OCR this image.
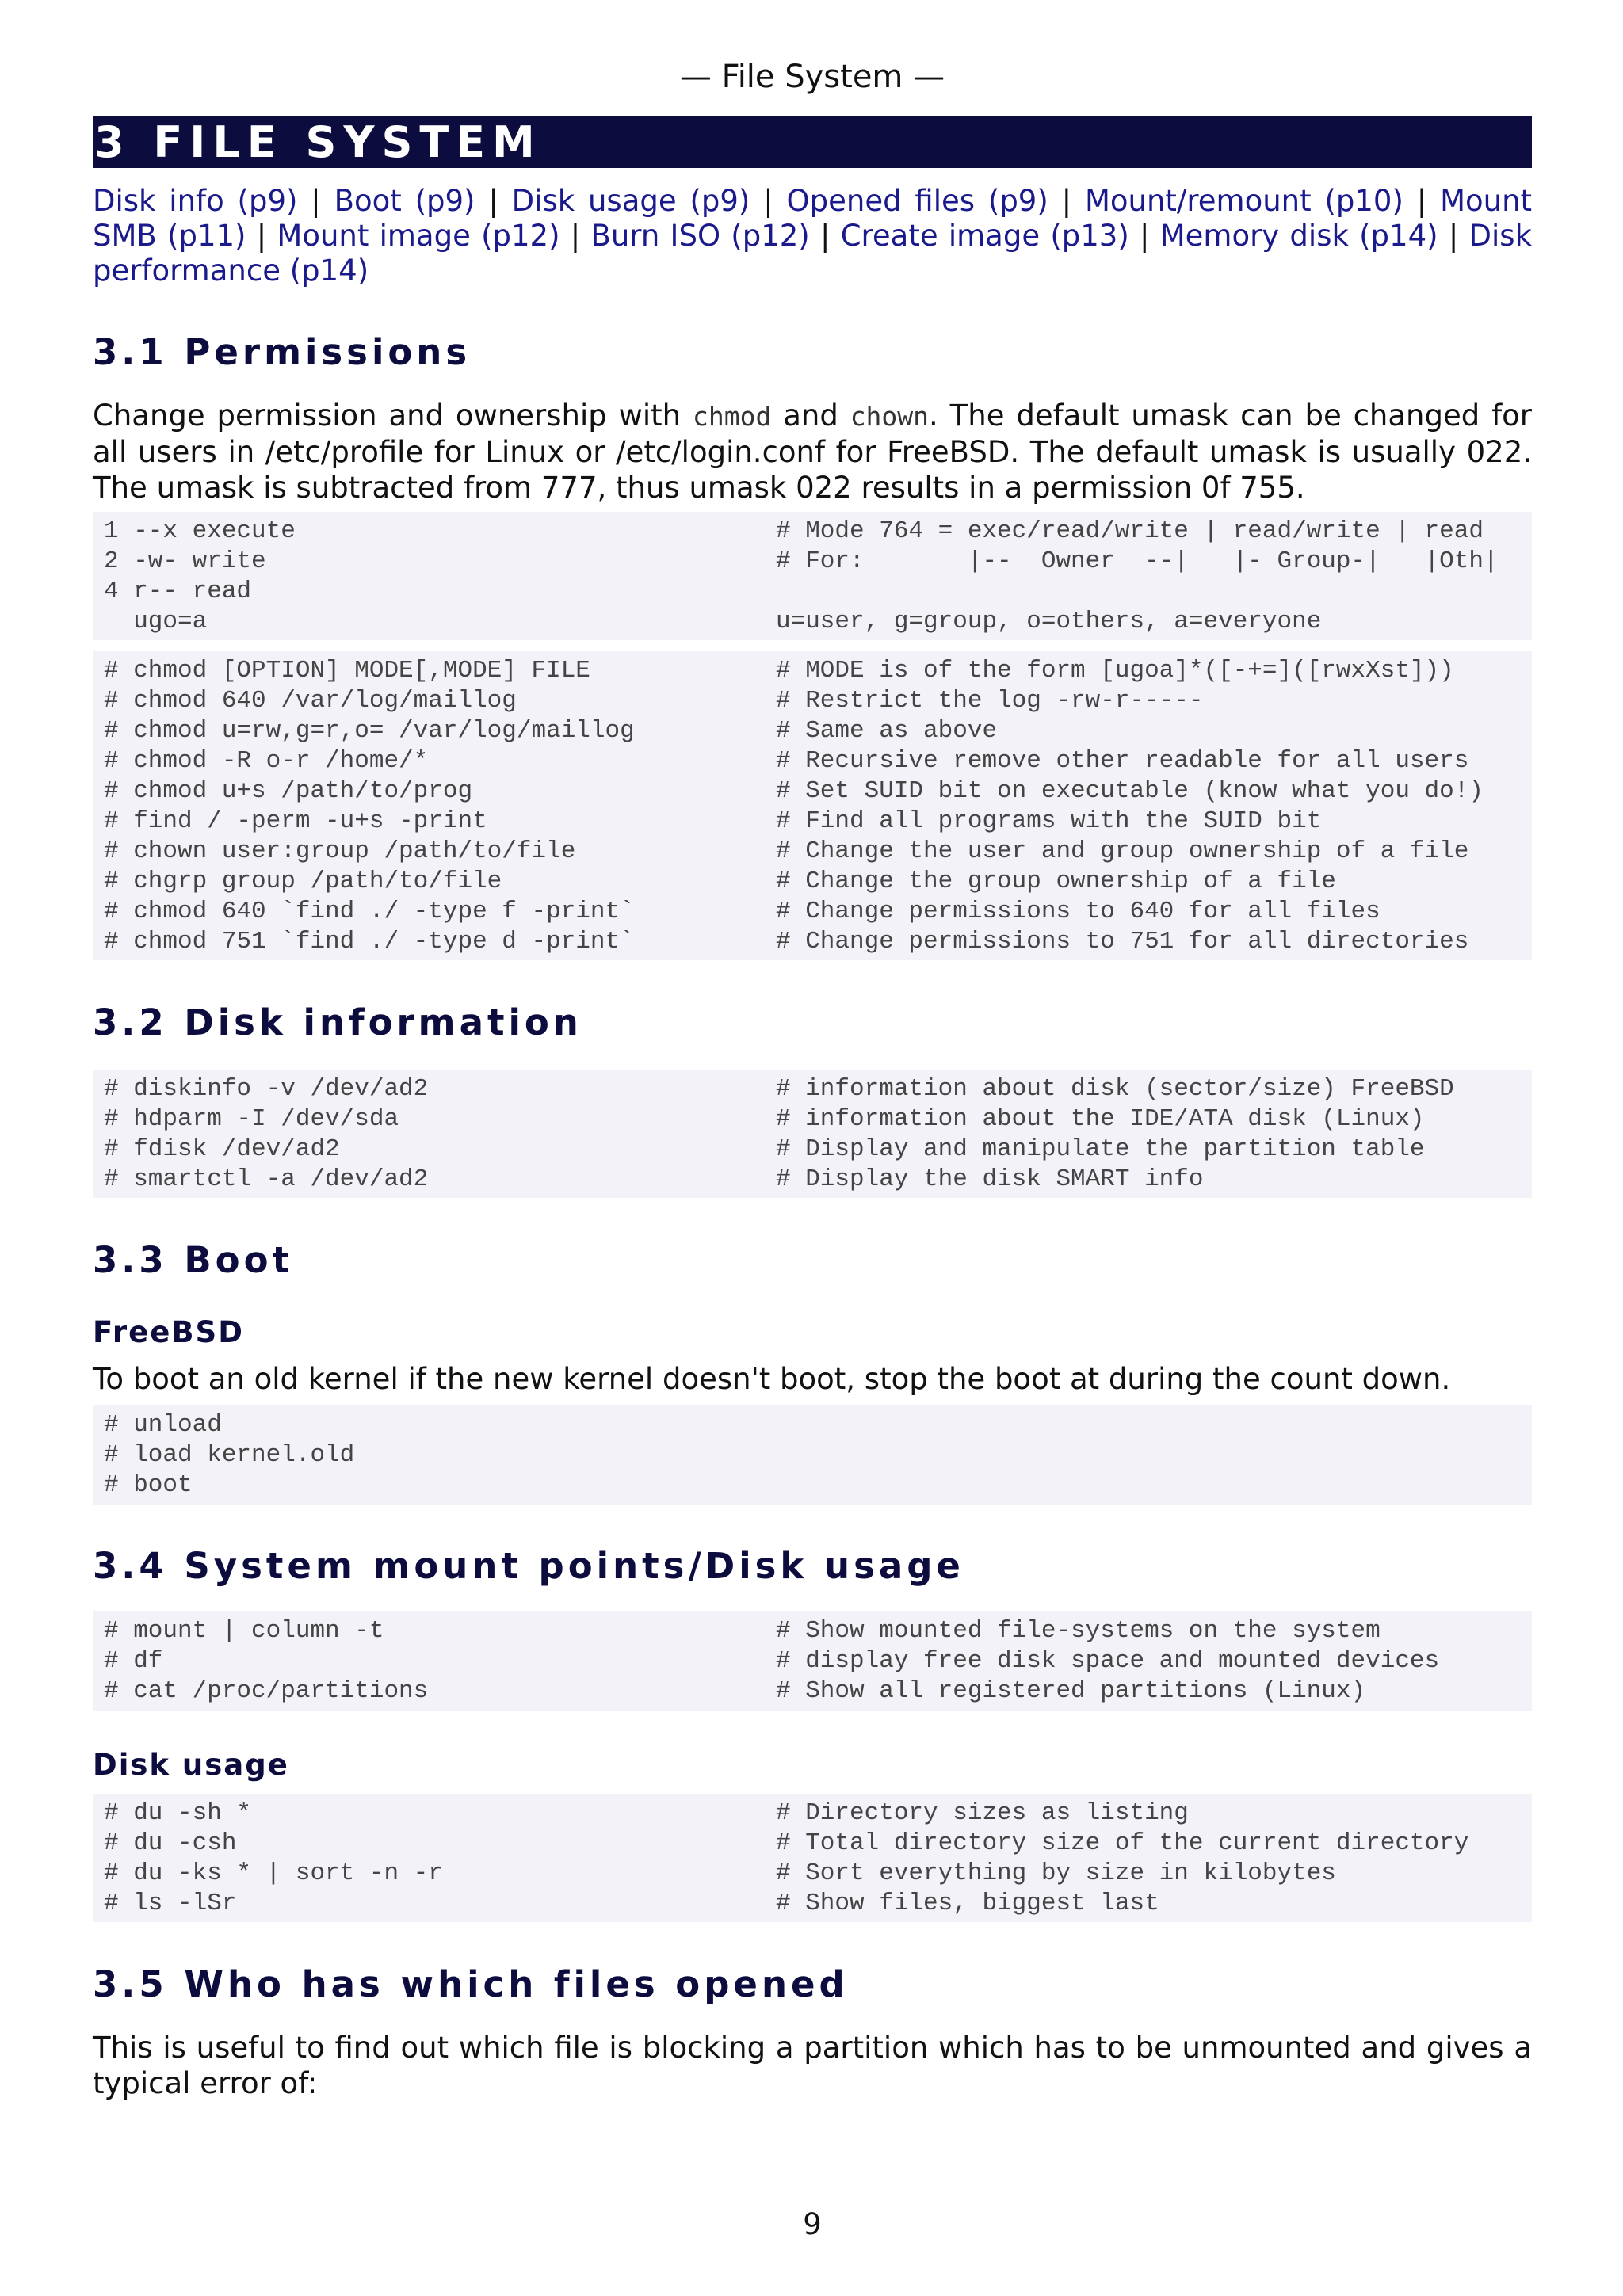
— File System —
3 FILE SYSTEM
Disk info (p9) | Boot (p9) | Disk usage (p9) | Opened files (p9) | Mount/remount (p10) | Mount SMB (p11) | Mount image (p12) | Burn ISO (p12) | Create image (p13) | Memory disk (p14) | Disk performance (p14)
3.1 Permissions
Change permission and ownership with chmod and chown. The default umask can be changed for all users in /etc/profile for Linux or /etc/login.conf for FreeBSD. The default umask is usually 022. The umask is subtracted from 777, thus umask 022 results in a permission 0f 755.
1 --x execute	# Mode 764 = exec/read/write | read/write | read
2 -w- write	# For:       |--  Owner  --|   |- Group-|   |Oth|
4 r-- read
ugo=a	u=user, g=group, o=others, a=everyone
# chmod [OPTION] MODE[,MODE] FILE	# MODE is of the form [ugoa]*([-+=]([rwxXst]))
# chmod 640 /var/log/maillog	# Restrict the log -rw-r-----
# chmod u=rw,g=r,o= /var/log/maillog	# Same as above
# chmod -R o-r /home/*	# Recursive remove other readable for all users
# chmod u+s /path/to/prog	# Set SUID bit on executable (know what you do!)
# find / -perm -u+s -print	# Find all programs with the SUID bit
# chown user:group /path/to/file	# Change the user and group ownership of a file
# chgrp group /path/to/file	# Change the group ownership of a file
# chmod 640 `find ./ -type f -print`	# Change permissions to 640 for all files
# chmod 751 `find ./ -type d -print`	# Change permissions to 751 for all directories
3.2 Disk information
# diskinfo -v /dev/ad2	# information about disk (sector/size) FreeBSD
# hdparm -I /dev/sda	# information about the IDE/ATA disk (Linux)
# fdisk /dev/ad2	# Display and manipulate the partition table
# smartctl -a /dev/ad2	# Display the disk SMART info
3.3 Boot
FreeBSD
To boot an old kernel if the new kernel doesn't boot, stop the boot at during the count down.
# unload
# load kernel.old
# boot
3.4 System mount points/Disk usage
# mount | column -t	# Show mounted file-systems on the system
# df	# display free disk space and mounted devices
# cat /proc/partitions	# Show all registered partitions (Linux)
Disk usage
# du -sh *	# Directory sizes as listing
# du -csh	# Total directory size of the current directory
# du -ks * | sort -n -r	# Sort everything by size in kilobytes
# ls -lSr	# Show files, biggest last
3.5 Who has which files opened
This is useful to find out which file is blocking a partition which has to be unmounted and gives a typical error of:
9
